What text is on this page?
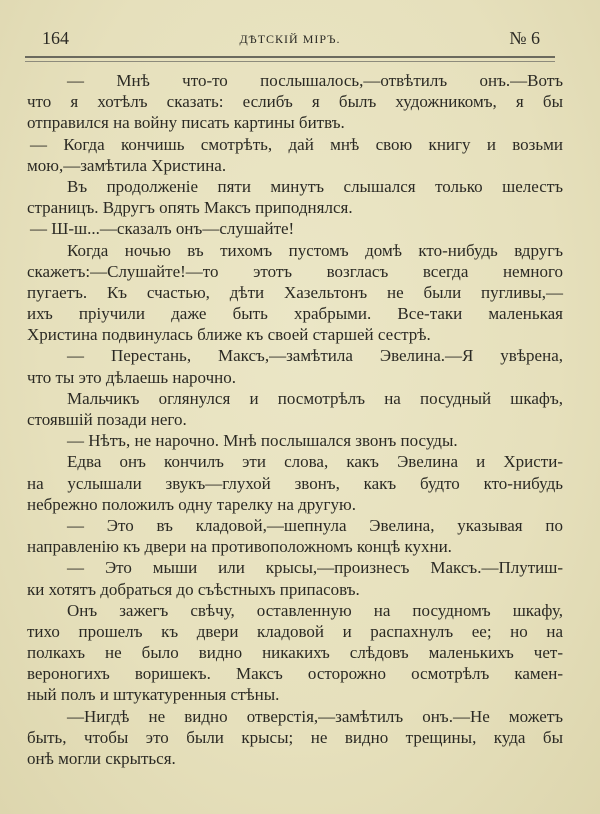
164	ДѢТСКІЙ МІРЪ.	№ 6
— Мнѣ что-то послышалось,—отвѣтилъ онъ.—Вотъ
что я хотѣлъ сказать: еслибъ я былъ художникомъ, я бы
отправился на войну писать картины битвъ.
— Когда кончишь смотрѣть, дай мнѣ свою книгу и возьми
мою,—замѣтила Христина.
Въ продолженіе пяти минутъ слышался только шелестъ
страницъ. Вдругъ опять Максъ приподнялся.
— Ш-ш...—сказалъ онъ—слушайте!
Когда ночью въ тихомъ пустомъ домѣ кто-нибудь вдругъ
скажетъ:—Слушайте!—то этотъ возгласъ всегда немного
пугаетъ. Къ счастью, дѣти Хазельтонъ не были пугливы,—
ихъ пріучили даже быть храбрыми. Все-таки маленькая
Христина подвинулась ближе къ своей старшей сестрѣ.
— Перестань, Максъ,—замѣтила Эвелина.—Я увѣрена,
что ты это дѣлаешь нарочно.
Мальчикъ оглянулся и посмотрѣлъ на посудный шкафъ,
стоявшій позади него.
— Нѣтъ, не нарочно. Мнѣ послышался звонъ посуды.
Едва онъ кончилъ эти слова, какъ Эвелина и Христи-
на услышали звукъ—глухой звонъ, какъ будто кто-нибудь
небрежно положилъ одну тарелку на другую.
— Это въ кладовой,—шепнула Эвелина, указывая по
направленію къ двери на противоположномъ концѣ кухни.
— Это мыши или крысы,—произнесъ Максъ.—Плутиш-
ки хотятъ добраться до съѣстныхъ припасовъ.
Онъ зажегъ свѣчу, оставленную на посудномъ шкафу,
тихо прошелъ къ двери кладовой и распахнулъ ее; но на
полкахъ не было видно никакихъ слѣдовъ маленькихъ чет-
вероногихъ воришекъ. Максъ осторожно осмотрѣлъ камен-
ный полъ и штукатуренныя стѣны.
—Нигдѣ не видно отверстія,—замѣтилъ онъ.—Не можетъ
быть, чтобы это были крысы; не видно трещины, куда бы
онѣ могли скрыться.
